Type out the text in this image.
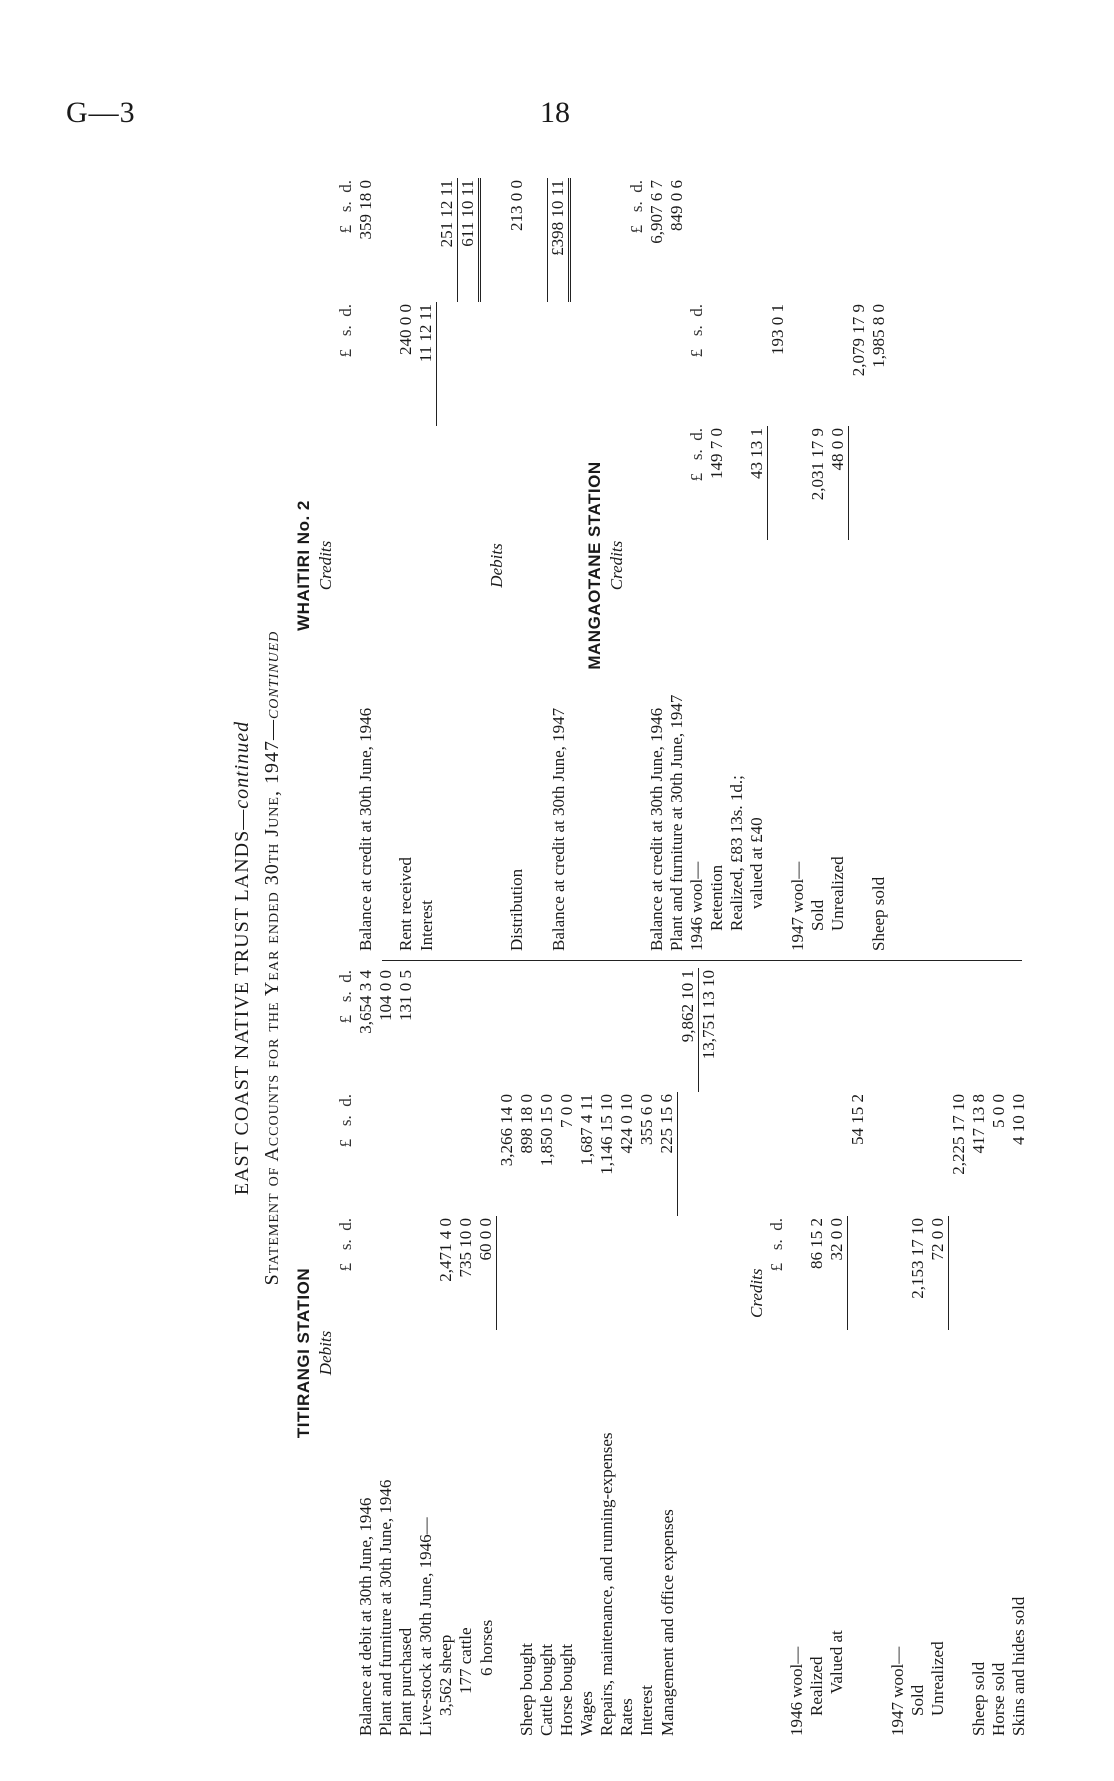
G—3	18
EAST COAST NATIVE TRUST LANDS—continued Statement of Accounts for the Year ended 30th June, 1947—continued
TITIRANGI STATION Debits
	£   s.  d.	£   s.  d.	£   s.  d.
Balance at debit at 30th June, 1946			3,654 3 4
Plant and furniture at 30th June, 1946			104 0 0
Plant purchased			131 0 5
Live-stock at 30th June, 1946—			
3,562 sheep	2,471 4 0		
177 cattle	735 10 0		
6 horses	60 0 0		
		3,266 14 0	
Sheep bought		898 18 0	
Cattle bought		1,850 15 0	
Horse bought		7 0 0	
Wages		1,687 4 11	
Repairs, maintenance, and running-expenses		1,146 15 10	
Rates		424 0 10	
Interest		355 6 0	
Management and office expenses		225 15 6	
			9,862 10 1
			13,751 13 10
Credits
	£   s.  d.		
1946 wool—			
Realized	86 15 2		
Valued at	32 0 0		
		54 15 2	

1947 wool—			
Sold	2,153 17 10		
Unrealized	72 0 0		
		2,225 17 10	
Sheep sold		417 13 8	
Horse sold		5 0 0	
Skins and hides sold		4 10 10	
WHAITIRI No. 2 Credits
		£   s.  d.	£   s.  d.
Balance at credit at 30th June, 1946			359 18 0

Rent received		240 0 0	
Interest		11 12 11	
			251 12 11
			611 10 11
Debits
Distribution			213 0 0

Balance at credit at 30th June, 1947			£398 10 11
MANGAOTANE STATION Credits
			£   s.  d.
Balance at credit at 30th June, 1946			6,907 6 7
Plant and furniture at 30th June, 1947			849 0 6
1946 wool—	£   s.  d.	£   s.  d.	
Retention	149 7 0		
Realized, £83 13s. 1d.;			
valued at £40	43 13 1		
		193 0 1	
1947 wool—			
Sold	2,031 17 9		
Unrealized	48 0 0		
		2,079 17 9	
Sheep sold		1,985 8 0	
